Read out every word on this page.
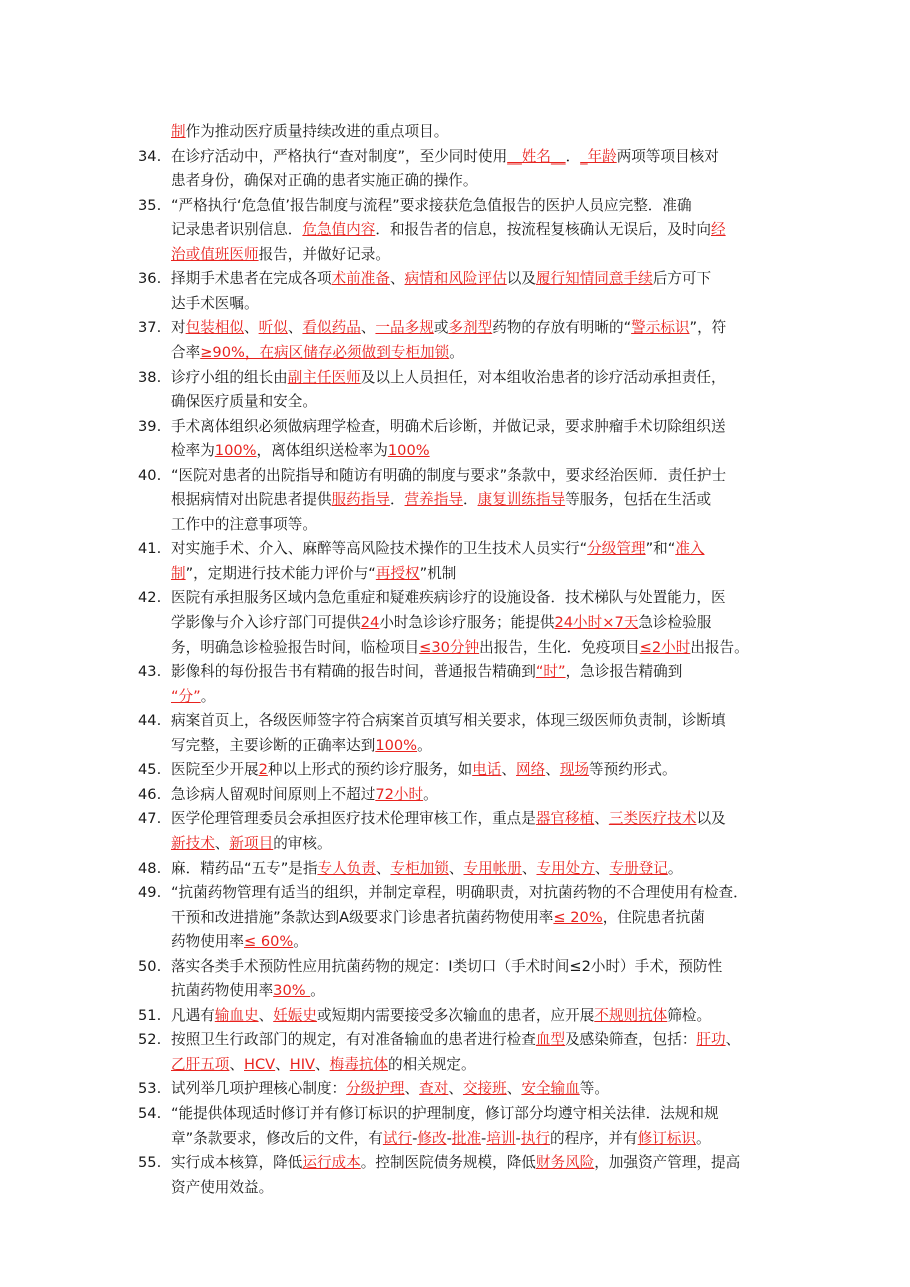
制作为推动医疗质量持续改进的重点项目。
34. 在诊疗活动中，严格执行“查对制度”，至少同时使用__姓名__．_年龄两项等项目核对
患者身份，确保对正确的患者实施正确的操作。
35. “严格执行‘危急值’报告制度与流程”要求接获危急值报告的医护人员应完整．准确
记录患者识别信息．危急值内容．和报告者的信息，按流程复核确认无误后，及时向经
治或值班医师报告，并做好记录。
36. 择期手术患者在完成各项术前准备、病情和风险评估以及履行知情同意手续后方可下
达手术医嘱。
37. 对包装相似、听似、看似药品、一品多规或多剂型药物的存放有明晰的“警示标识”，符
合率≥90%，在病区储存必须做到专柜加锁。
38. 诊疗小组的组长由副主任医师及以上人员担任，对本组收治患者的诊疗活动承担责任，
确保医疗质量和安全。
39. 手术离体组织必须做病理学检查，明确术后诊断，并做记录，要求肿瘤手术切除组织送
检率为100%，离体组织送检率为100%
40. “医院对患者的出院指导和随访有明确的制度与要求”条款中，要求经治医师．责任护士
根据病情对出院患者提供服药指导．营养指导．康复训练指导等服务，包括在生活或
工作中的注意事项等。
41. 对实施手术、介入、麻醉等高风险技术操作的卫生技术人员实行“分级管理”和“准入
制”，定期进行技术能力评价与“再授权”机制
42. 医院有承担服务区域内急危重症和疑难疾病诊疗的设施设备．技术梯队与处置能力，医
学影像与介入诊疗部门可提供24小时急诊诊疗服务；能提供24小时×7天急诊检验服
务，明确急诊检验报告时间，临检项目≤30分钟出报告，生化．免疫项目≤2小时出报告。
43. 影像科的每份报告书有精确的报告时间，普通报告精确到“时”，急诊报告精确到
“分”。
44. 病案首页上，各级医师签字符合病案首页填写相关要求，体现三级医师负责制，诊断填
写完整，主要诊断的正确率达到100%。
45. 医院至少开展2种以上形式的预约诊疗服务，如电话、网络、现场等预约形式。
46. 急诊病人留观时间原则上不超过72小时。
47. 医学伦理管理委员会承担医疗技术伦理审核工作，重点是器官移植、三类医疗技术以及
新技术、新项目的审核。
48. 麻．精药品“五专”是指专人负责、专柜加锁、专用帐册、专用处方、专册登记。
49. “抗菌药物管理有适当的组织，并制定章程，明确职责，对抗菌药物的不合理使用有检查．
干预和改进措施”条款达到A级要求门诊患者抗菌药物使用率≤ 20%，住院患者抗菌
药物使用率≤ 60%。
50. 落实各类手术预防性应用抗菌药物的规定：Ⅰ类切口（手术时间≤2小时）手术，预防性
抗菌药物使用率30% 。
51. 凡遇有输血史、妊娠史或短期内需要接受多次输血的患者，应开展不规则抗体筛检。
52. 按照卫生行政部门的规定，有对准备输血的患者进行检查血型及感染筛查，包括：肝功、
乙肝五项、HCV、HIV、梅毒抗体的相关规定。
53. 试列举几项护理核心制度：分级护理、查对、交接班、安全输血等。
54. “能提供体现适时修订并有修订标识的护理制度，修订部分均遵守相关法律．法规和规
章”条款要求，修改后的文件，有试行-修改-批准-培训-执行的程序，并有修订标识。
55. 实行成本核算，降低运行成本。控制医院债务规模，降低财务风险，加强资产管理，提高
资产使用效益。
